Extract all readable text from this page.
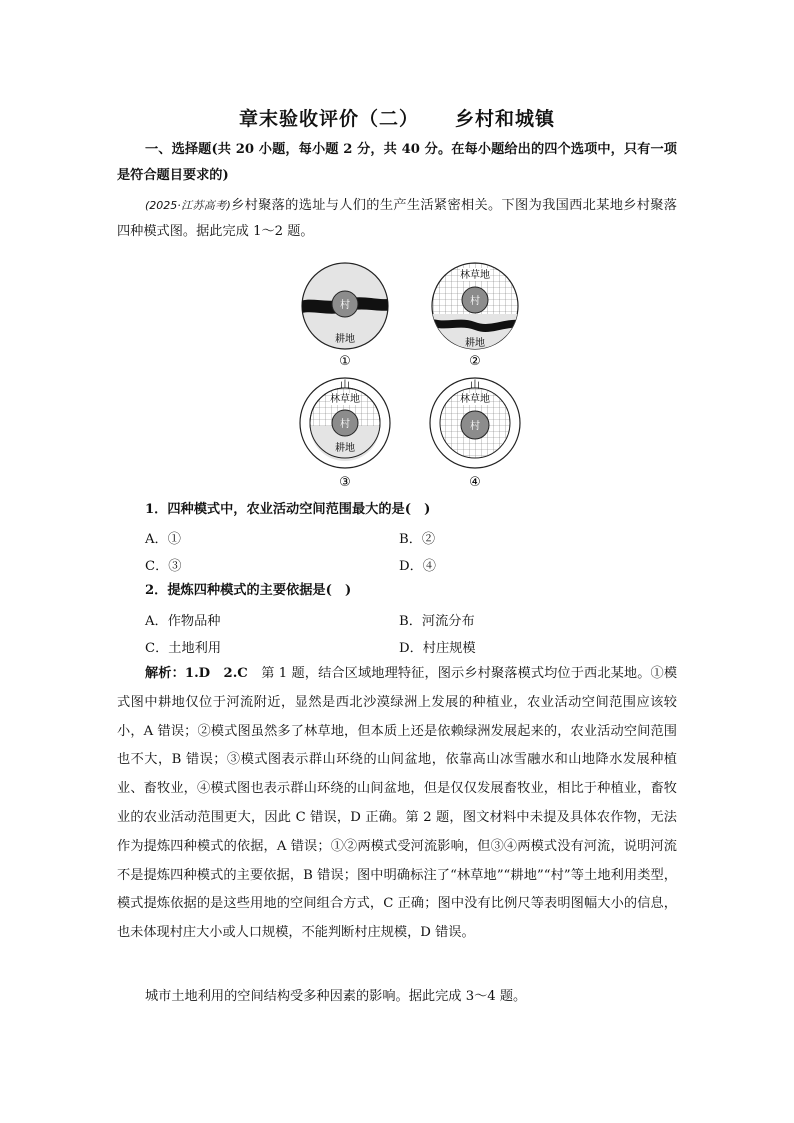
章末验收评价（二） 乡村和城镇

一、选择题(共 20 小题，每小题 2 分，共 40 分。在每小题给出的四个选项中，只有一项是符合题目要求的)

(2025·江苏高考)乡村聚落的选址与人们的生产生活紧密相关。下图为我国西北某地乡村聚落四种模式图。据此完成 1～2 题。

村
耕地
①
林草地
村
耕地
②
山
林草地
村
耕地
③
山
林草地
村
④
1．四种模式中，农业活动空间范围最大的是(　)
A．①	B．②
C．③	D．④
2．提炼四种模式的主要依据是(　)
A．作物品种	B．河流分布
C．土地利用	D．村庄规模

解析：1.D　2.C　第 1 题，结合区域地理特征，图示乡村聚落模式均位于西北某地。①模式图中耕地仅位于河流附近，显然是西北沙漠绿洲上发展的种植业，农业活动空间范围应该较小，A 错误；②模式图虽然多了林草地，但本质上还是依赖绿洲发展起来的，农业活动空间范围也不大，B 错误；③模式图表示群山环绕的山间盆地，依靠高山冰雪融水和山地降水发展种植业、畜牧业，④模式图也表示群山环绕的山间盆地，但是仅仅发展畜牧业，相比于种植业，畜牧业的农业活动范围更大，因此 C 错误，D 正确。第 2 题，图文材料中未提及具体农作物，无法作为提炼四种模式的依据，A 错误；①②两模式受河流影响，但③④两模式没有河流，说明河流不是提炼四种模式的主要依据，B 错误；图中明确标注了“林草地”“耕地”“村”等土地利用类型，模式提炼依据的是这些用地的空间组合方式，C 正确；图中没有比例尺等表明图幅大小的信息，也未体现村庄大小或人口规模，不能判断村庄规模，D 错误。

城市土地利用的空间结构受多种因素的影响。据此完成 3～4 题。
